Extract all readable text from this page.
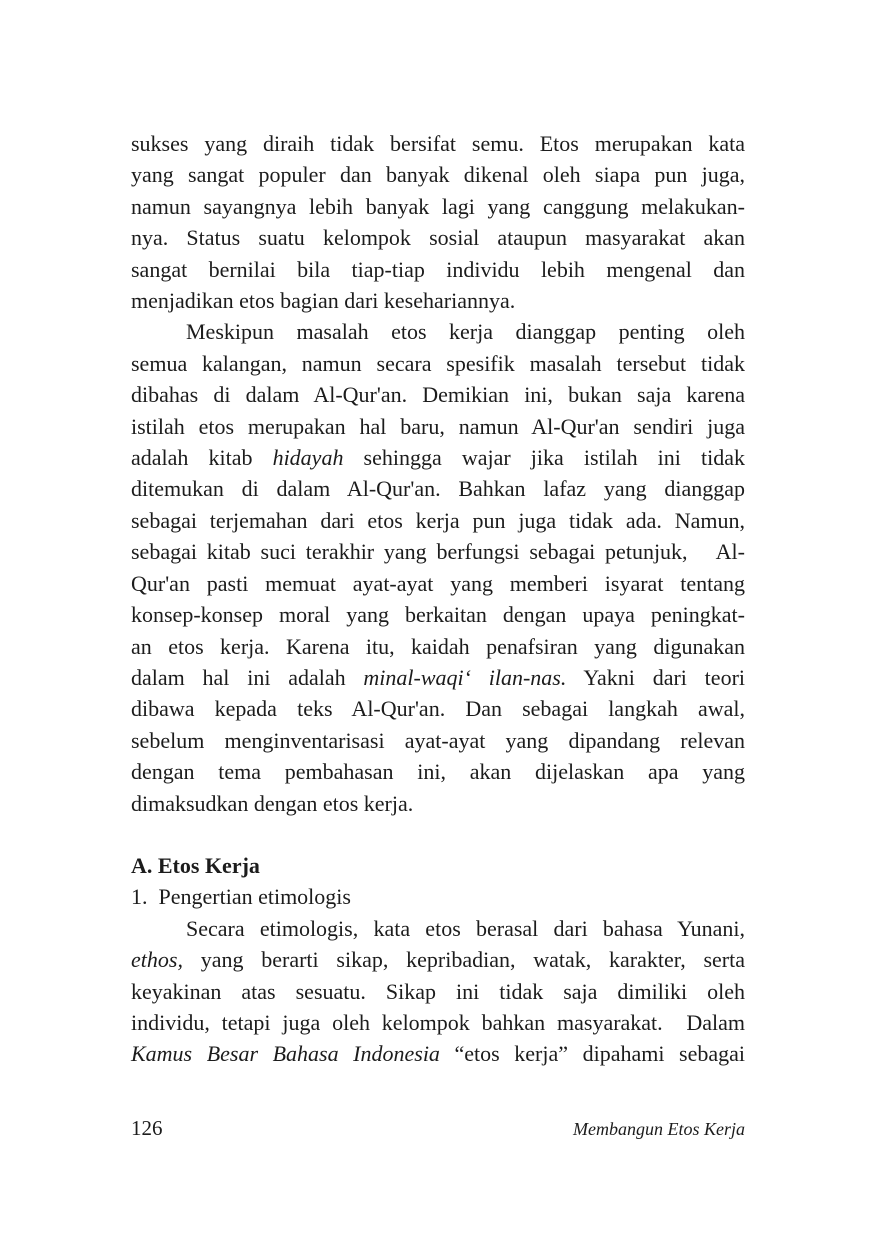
sukses yang diraih tidak bersifat semu. Etos merupakan kata
yang sangat populer dan banyak dikenal oleh siapa pun juga,
namun sayangnya lebih banyak lagi yang canggung melakukan-
nya. Status suatu kelompok sosial ataupun masyarakat akan
sangat bernilai bila tiap-tiap individu lebih mengenal dan
menjadikan etos bagian dari kesehariannya.
Meskipun masalah etos kerja dianggap penting oleh
semua kalangan, namun secara spesifik masalah tersebut tidak
dibahas di dalam Al-Qur'an. Demikian ini, bukan saja karena
istilah etos merupakan hal baru, namun Al-Qur'an sendiri juga
adalah kitab hidayah sehingga wajar jika istilah ini tidak
ditemukan di dalam Al-Qur'an. Bahkan lafaz yang dianggap
sebagai terjemahan dari etos kerja pun juga tidak ada. Namun,
sebagai kitab suci terakhir yang berfungsi sebagai petunjuk,   Al-
Qur'an pasti memuat ayat-ayat yang memberi isyarat tentang
konsep-konsep moral yang berkaitan dengan upaya peningkat-
an etos kerja. Karena itu, kaidah penafsiran yang digunakan
dalam hal ini adalah minal-waqi‘ ilan-nas. Yakni dari teori
dibawa kepada teks Al-Qur'an. Dan sebagai langkah awal,
sebelum menginventarisasi ayat-ayat yang dipandang relevan
dengan tema pembahasan ini, akan dijelaskan apa yang
dimaksudkan dengan etos kerja.
A. Etos Kerja
1.  Pengertian etimologis
Secara etimologis, kata etos berasal dari bahasa Yunani,
ethos, yang berarti sikap, kepribadian, watak, karakter, serta
keyakinan atas sesuatu. Sikap ini tidak saja dimiliki oleh
individu, tetapi juga oleh kelompok bahkan masyarakat.  Dalam
Kamus Besar Bahasa Indonesia “etos kerja” dipahami sebagai
126	Membangun Etos Kerja
